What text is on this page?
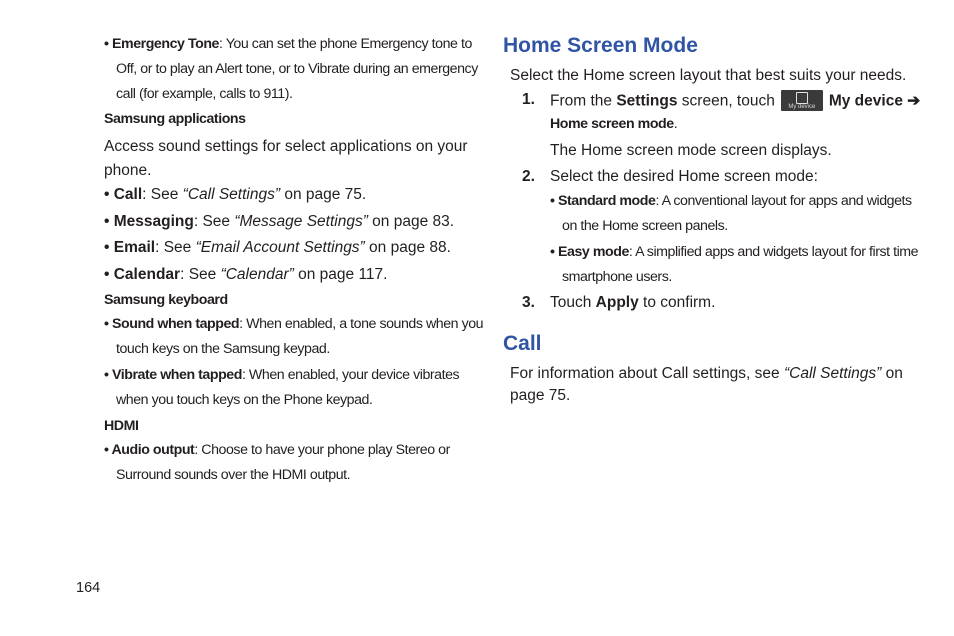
• Emergency Tone: You can set the phone Emergency tone to
Off, or to play an Alert tone, or to Vibrate during an emergency
call (for example, calls to 911).
Samsung applications
Access sound settings for select applications on your
phone.
• Call: See “Call Settings” on page 75.
• Messaging: See “Message Settings” on page 83.
• Email: See “Email Account Settings” on page 88.
• Calendar: See “Calendar” on page 117.
Samsung keyboard
• Sound when tapped: When enabled, a tone sounds when you
touch keys on the Samsung keypad.
• Vibrate when tapped: When enabled, your device vibrates
when you touch keys on the Phone keypad.
HDMI
• Audio output: Choose to have your phone play Stereo or
Surround sounds over the HDMI output.
164
Home Screen Mode
Select the Home screen layout that best suits your needs.
1. From the Settings screen, touch	My device My device ➔
Home screen mode.
The Home screen mode screen displays.
2. Select the desired Home screen mode:
• Standard mode: A conventional layout for apps and widgets
on the Home screen panels.
• Easy mode: A simplified apps and widgets layout for first time
smartphone users.
3. Touch Apply to confirm.
Call
For information about Call settings, see “Call Settings” on
page 75.
